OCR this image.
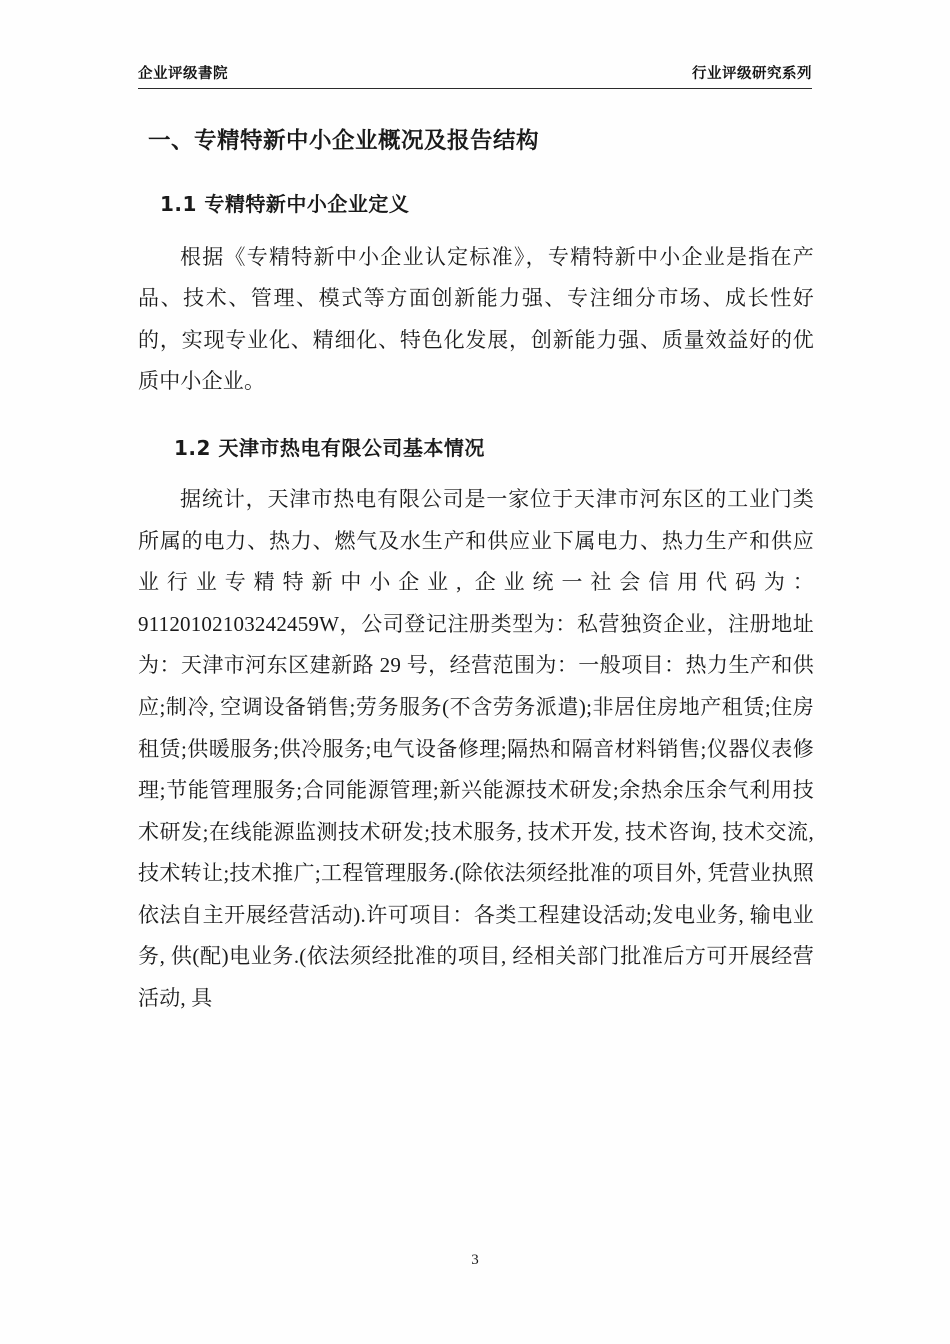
企业评级書院	行业评级研究系列
一、专精特新中小企业概况及报告结构
1.1 专精特新中小企业定义

根据《专精特新中小企业认定标准》，专精特新中小企业是指在产品、技术、管理、模式等方面创新能力强、专注细分市场、成长性好的，实现专业化、精细化、特色化发展，创新能力强、质量效益好的优质中小企业。

1.2 天津市热电有限公司基本情况

据统计，天津市热电有限公司是一家位于天津市河东区的工业门类所属的电力、热力、燃气及水生产和供应业下属电力、热力生产和供应业行业专精特新中小企业, 企业统一社会信用代码为：91120102103242459W，公司登记注册类型为：私营独资企业，注册地址为：天津市河东区建新路 29 号，经营范围为：一般项目：热力生产和供应;制冷, 空调设备销售;劳务服务(不含劳务派遣);非居住房地产租赁;住房租赁;供暖服务;供冷服务;电气设备修理;隔热和隔音材料销售;仪器仪表修理;节能管理服务;合同能源管理;新兴能源技术研发;余热余压余气利用技术研发;在线能源监测技术研发;技术服务, 技术开发, 技术咨询, 技术交流, 技术转让;技术推广;工程管理服务.(除依法须经批准的项目外, 凭营业执照依法自主开展经营活动).许可项目：各类工程建设活动;发电业务, 输电业务, 供(配)电业务.(依法须经批准的项目, 经相关部门批准后方可开展经营活动, 具

3
